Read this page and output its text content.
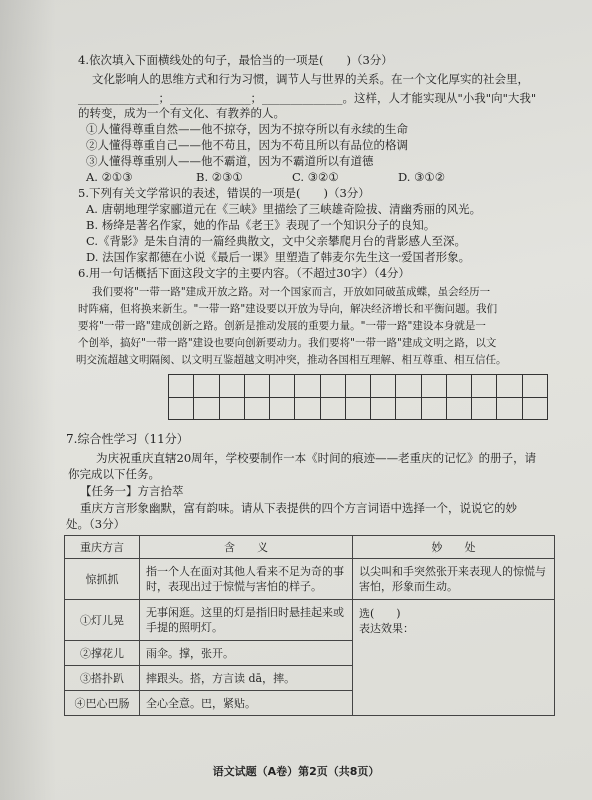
4.依次填入下面横线处的句子，最恰当的一项是(　　)（3分）
文化影响人的思维方式和行为习惯，调节人与世界的关系。在一个文化厚实的社会里，
______________；______________；______________。这样，人才能实现从"小我"向"大我"
的转变，成为一个有文化、有教养的人。
①人懂得尊重自然——他不掠夺，因为不掠夺所以有永续的生命
②人懂得尊重自己——他不苟且，因为不苟且所以有品位的格调
③人懂得尊重别人——他不霸道，因为不霸道所以有道德
A. ②①③	B. ②③①	C. ③②①	D. ③①②
5.下列有关文学常识的表述，错误的一项是(　　)（3分）
A. 唐朝地理学家郦道元在《三峡》里描绘了三峡雄奇险拔、清幽秀丽的风光。
B. 杨绛是著名作家，她的作品《老王》表现了一个知识分子的良知。
C.《背影》是朱自清的一篇经典散文，文中父亲攀爬月台的背影感人至深。
D. 法国作家都德在小说《最后一课》里塑造了韩麦尔先生这一爱国者形象。
6.用一句话概括下面这段文字的主要内容。（不超过30字）（4分）
我们要将"一带一路"建成开放之路。对一个国家而言，开放如同破茧成蝶，虽会经历一
时阵痛，但将换来新生。"一带一路"建设要以开放为导向，解决经济增长和平衡问题。我们
要将"一带一路"建成创新之路。创新是推动发展的重要力量。"一带一路"建设本身就是一
个创举，搞好"一带一路"建设也要向创新要动力。我们要将"一带一路"建成文明之路，以文
明交流超越文明隔阂、以文明互鉴超越文明冲突，推动各国相互理解、相互尊重、相互信任。
7.综合性学习（11分）
为庆祝重庆直辖20周年，学校要制作一本《时间的痕迹——老重庆的记忆》的册子，请
你完成以下任务。
【任务一】方言拾萃
重庆方言形象幽默，富有韵味。请从下表提供的四个方言词语中选择一个，说说它的妙
处。（3分）
重庆方言	含　　义	妙　　处
惊抓抓	指一个人在面对其他人看来不足为奇的事时，表现出过于惊慌与害怕的样子。	以尖叫和手突然张开来表现人的惊慌与害怕，形象而生动。
①灯儿晃	无事闲逛。这里的灯是指旧时悬挂起来或手提的照明灯。	选(　　)
表达效果：

②撑花儿	雨伞。撑，张开。	
③搭扑趴	摔跟头。搭，方言读 dā，摔。	
④巴心巴肠	全心全意。巴，紧贴。	
语文试题（A卷）第2页（共8页）
